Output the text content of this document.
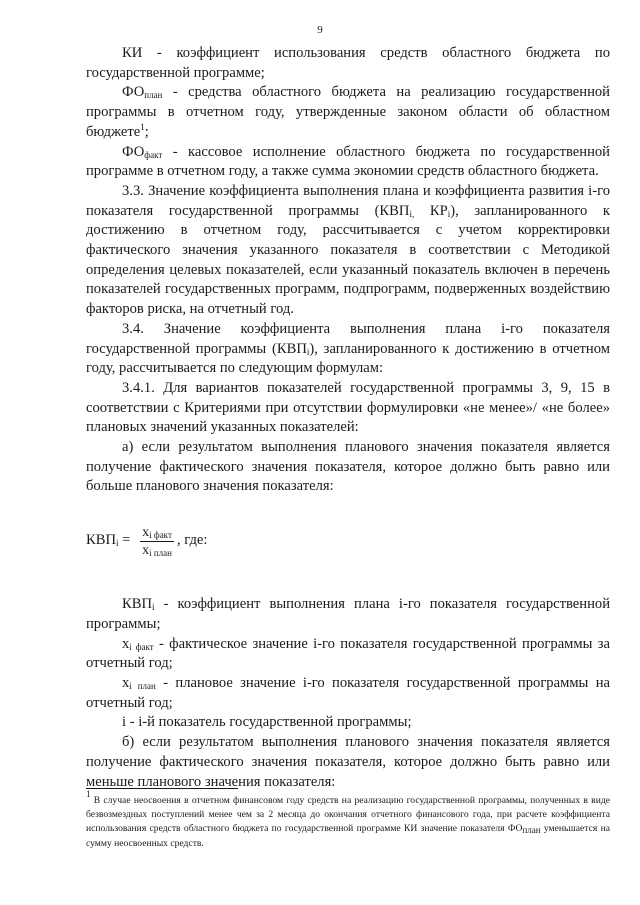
9

КИ - коэффициент использования средств областного бюджета по государственной программе;

$ФО_{план}$ - средства областного бюджета на реализацию государственной программы в отчетном году, утвержденные законом области об областном бюджете$^1$;

$ФО_{факт}$ - кассовое исполнение областного бюджета по государственной программе в отчетном году, а также сумма экономии средств областного бюджета.

3.3. Значение коэффициента выполнения плана и коэффициента развития i-го показателя государственной программы ($КВП_{i,}$ $КР_i$), запланированного к достижению в отчетном году, рассчитывается с учетом корректировки фактического значения указанного показателя в соответствии с Методикой определения целевых показателей, если указанный показатель включен в перечень показателей государственных программ, подпрограмм, подверженных воздействию факторов риска, на отчетный год.

3.4. Значение коэффициента выполнения плана i-го показателя государственной программы $(КВП_i)$, запланированного к достижению в отчетном году, рассчитывается по следующим формулам:

3.4.1. Для вариантов показателей государственной программы 3, 9, 15 в соответствии с Критериями при отсутствии формулировки «не менее»/ «не более» плановых значений указанных показателей:

а) если результатом выполнения планового значения показателя является получение фактического значения показателя, которое должно быть равно или больше планового значения показателя:

$КВП_i = \frac{x_{i факт}}{x_{i план}}$ , где:

$КВП_i$ - коэффициент выполнения плана i-го показателя государственной программы;

$x_{i факт}$ - фактическое значение i-го показателя государственной программы за отчетный год;

$x_{i план}$ - плановое значение i-го показателя государственной программы на отчетный год;

i - i-й показатель государственной программы;

б) если результатом выполнения планового значения показателя является получение фактического значения показателя, которое должно быть равно или меньше планового значения показателя:

$^1$ В случае неосвоения в отчетном финансовом году средств на реализацию государственной программы, полученных в виде безвозмездных поступлений менее чем за 2 месяца до окончания отчетного финансового года, при расчете коэффициента использования средств областного бюджета по государственной программе КИ значение показателя $ФО_{план}$ уменьшается на сумму неосвоенных средств.
